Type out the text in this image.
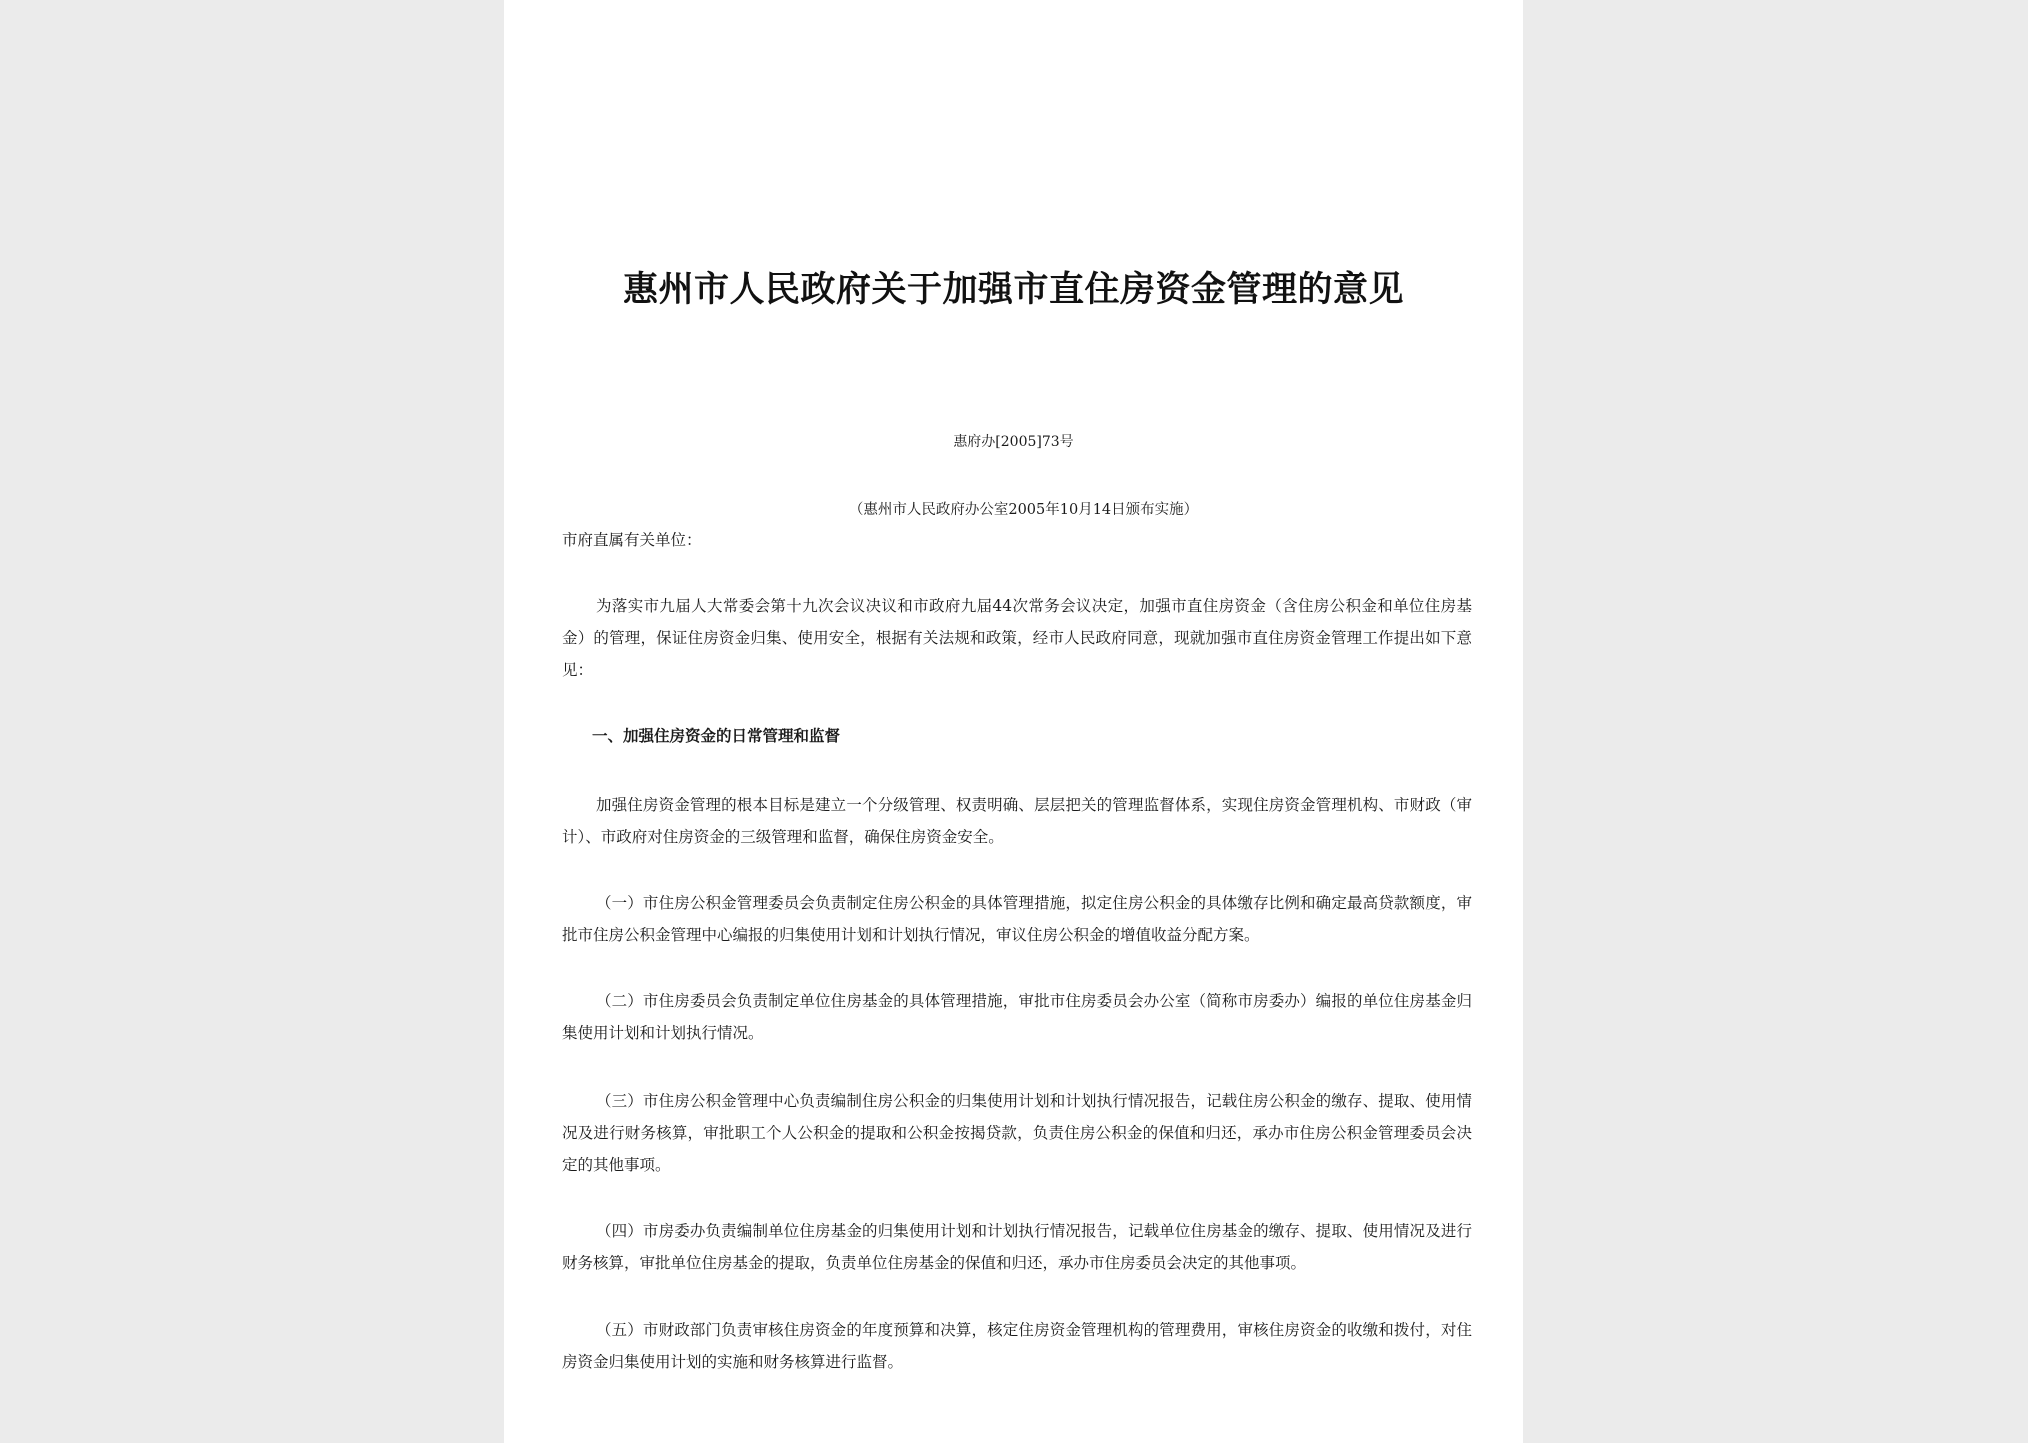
惠州市人民政府关于加强市直住房资金管理的意见
惠府办[2005]73号
（惠州市人民政府办公室2005年10月14日颁布实施）
市府直属有关单位：
为落实市九届人大常委会第十九次会议决议和市政府九届44次常务会议决定，加强市直住房资金（含住房公积金和单位住房基金）的管理，保证住房资金归集、使用安全，根据有关法规和政策，经市人民政府同意，现就加强市直住房资金管理工作提出如下意见：
一、加强住房资金的日常管理和监督
加强住房资金管理的根本目标是建立一个分级管理、权责明确、层层把关的管理监督体系，实现住房资金管理机构、市财政（审计）、市政府对住房资金的三级管理和监督，确保住房资金安全。
（一）市住房公积金管理委员会负责制定住房公积金的具体管理措施，拟定住房公积金的具体缴存比例和确定最高贷款额度，审批市住房公积金管理中心编报的归集使用计划和计划执行情况，审议住房公积金的增值收益分配方案。
（二）市住房委员会负责制定单位住房基金的具体管理措施，审批市住房委员会办公室（简称市房委办）编报的单位住房基金归集使用计划和计划执行情况。
（三）市住房公积金管理中心负责编制住房公积金的归集使用计划和计划执行情况报告，记载住房公积金的缴存、提取、使用情况及进行财务核算，审批职工个人公积金的提取和公积金按揭贷款，负责住房公积金的保值和归还，承办市住房公积金管理委员会决定的其他事项。
（四）市房委办负责编制单位住房基金的归集使用计划和计划执行情况报告，记载单位住房基金的缴存、提取、使用情况及进行财务核算，审批单位住房基金的提取，负责单位住房基金的保值和归还，承办市住房委员会决定的其他事项。
（五）市财政部门负责审核住房资金的年度预算和决算，核定住房资金管理机构的管理费用，审核住房资金的收缴和拨付，对住房资金归集使用计划的实施和财务核算进行监督。
